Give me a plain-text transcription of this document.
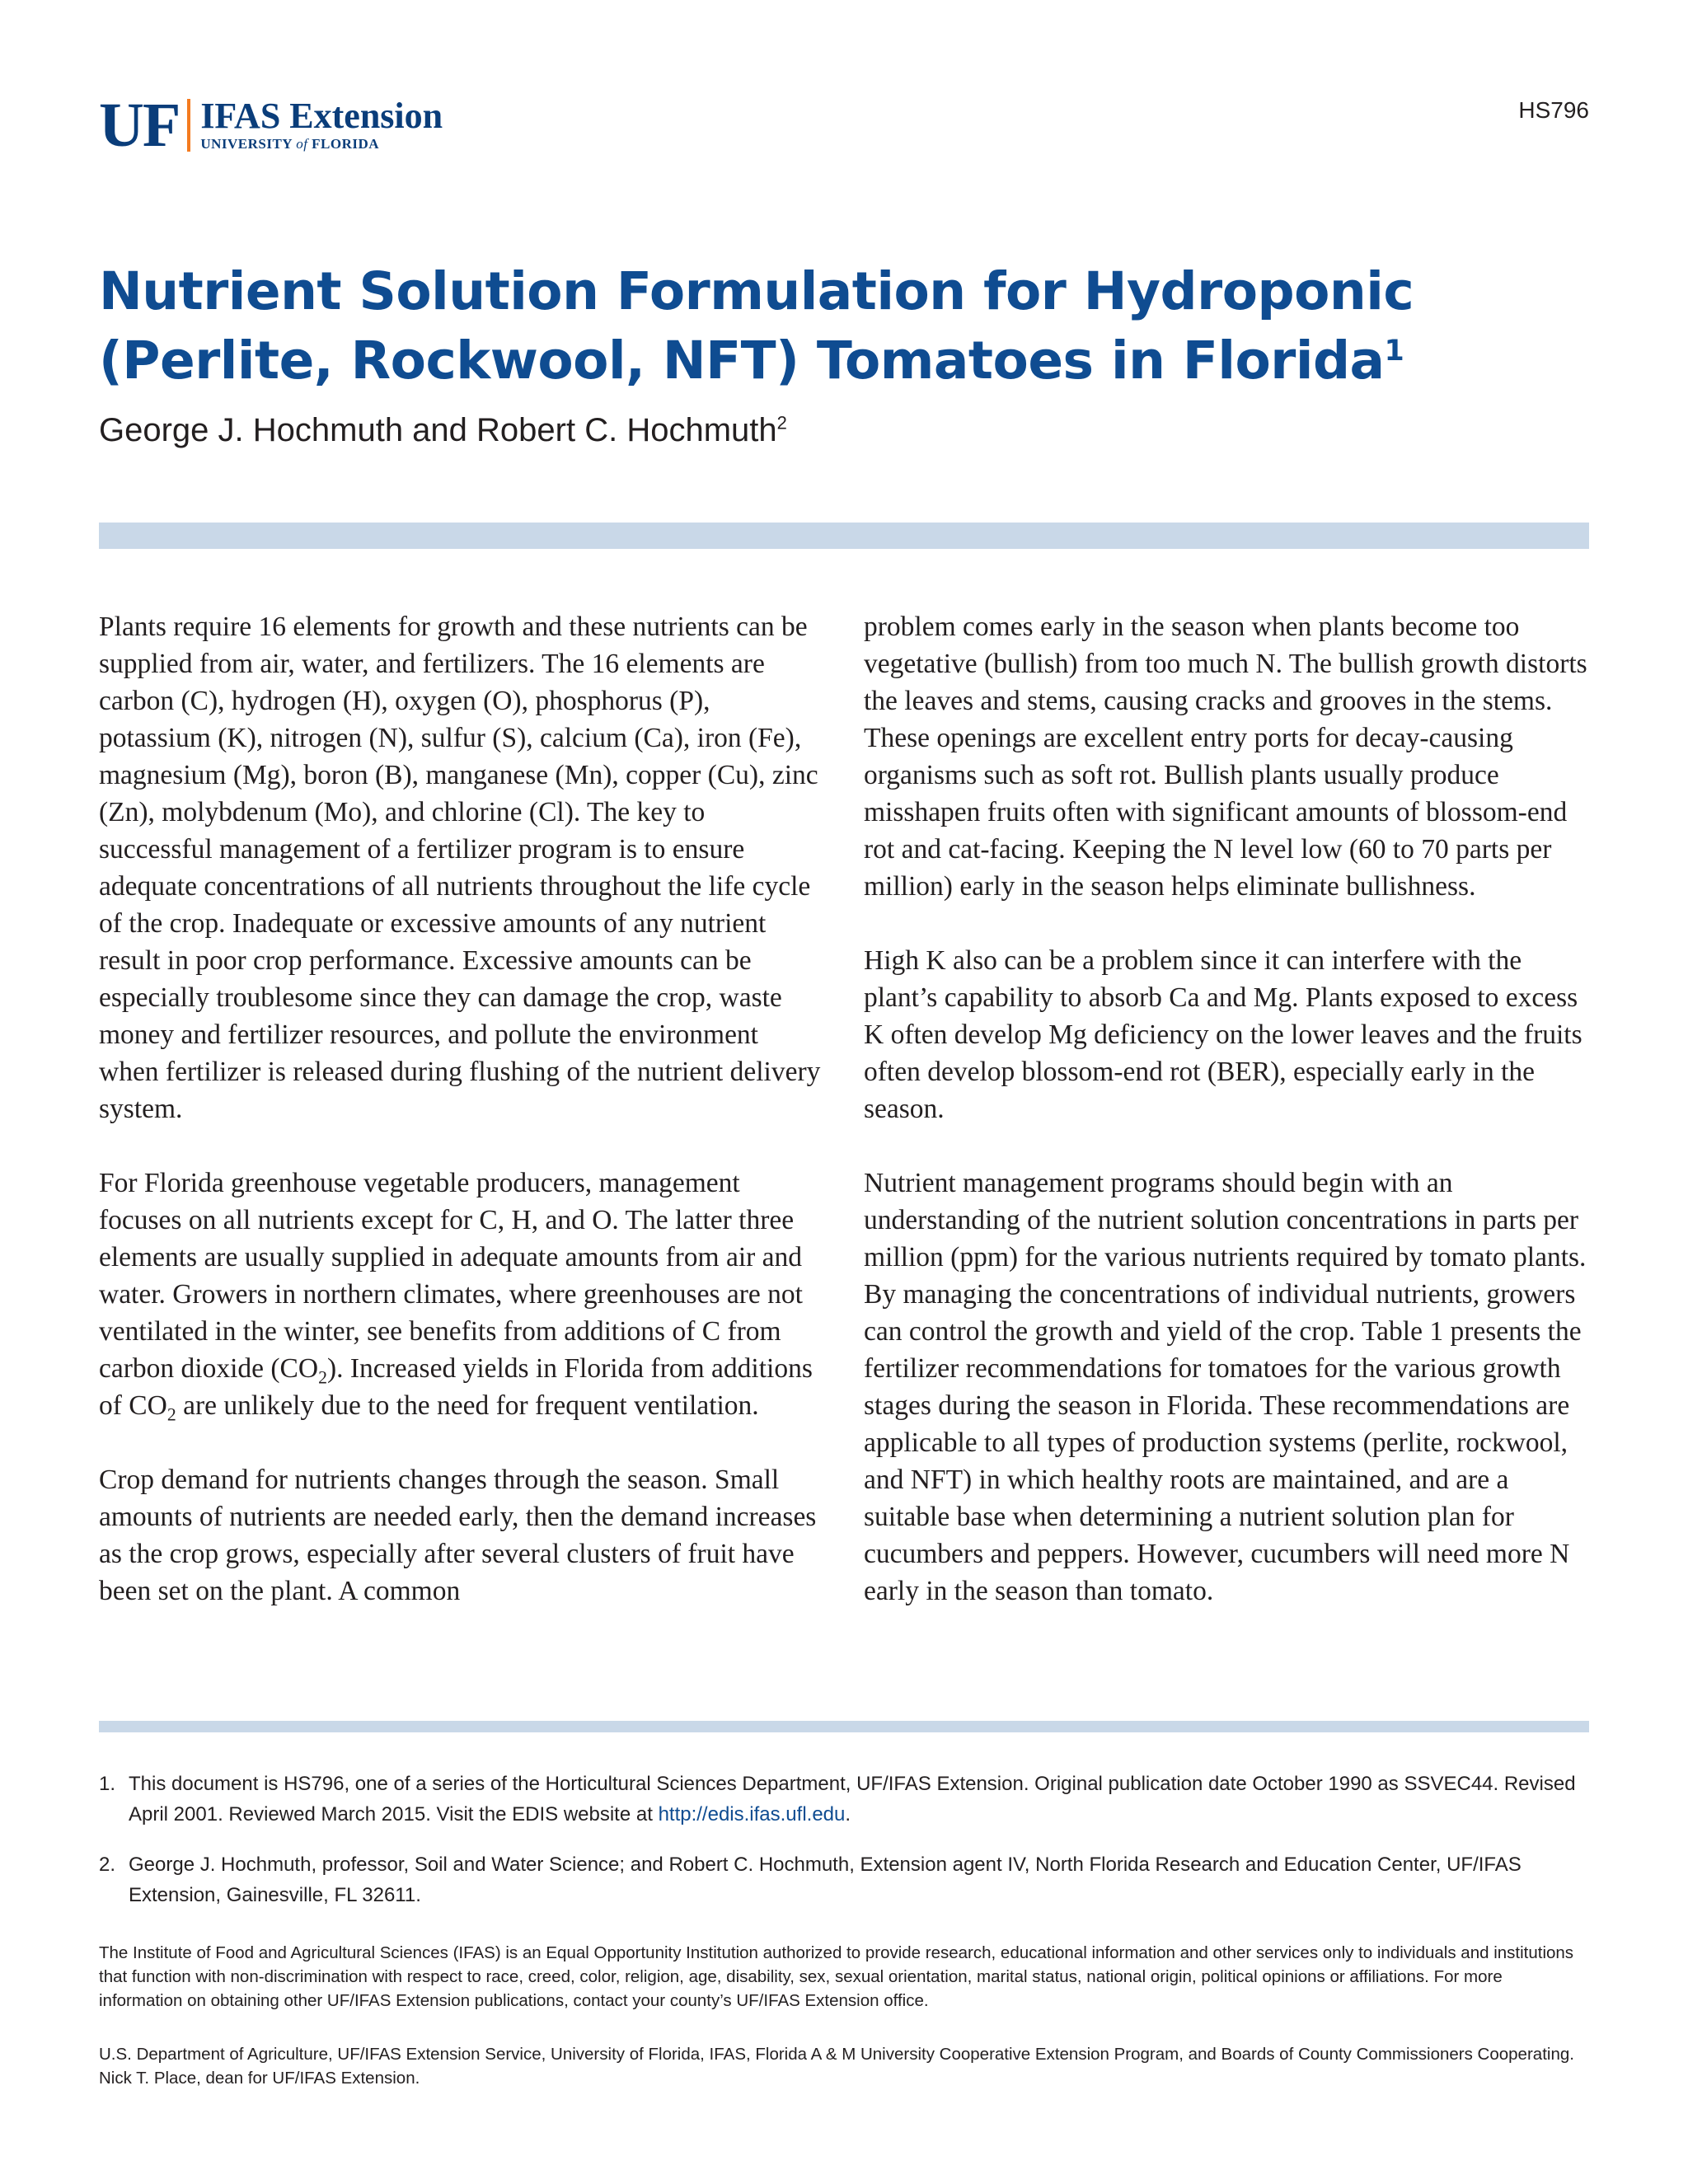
UF IFAS Extension
UNIVERSITY of FLORIDA
HS796
Nutrient Solution Formulation for Hydroponic (Perlite, Rockwool, NFT) Tomatoes in Florida$^1$

George J. Hochmuth and Robert C. Hochmuth$^2$

Plants require 16 elements for growth and these nutrients can be supplied from air, water, and fertilizers. The 16 elements are carbon (C), hydrogen (H), oxygen (O), phosphorus (P), potassium (K), nitrogen (N), sulfur (S), calcium (Ca), iron (Fe), magnesium (Mg), boron (B), manganese (Mn), copper (Cu), zinc (Zn), molybdenum (Mo), and chlorine (Cl). The key to successful management of a fertilizer program is to ensure adequate concentrations of all nutrients throughout the life cycle of the crop. Inadequate or excessive amounts of any nutrient result in poor crop performance. Excessive amounts can be especially troublesome since they can damage the crop, waste money and fertilizer resources, and pollute the environment when fertilizer is released during flushing of the nutrient delivery system.

For Florida greenhouse vegetable producers, management focuses on all nutrients except for C, H, and O. The latter three elements are usually supplied in adequate amounts from air and water. Growers in northern climates, where greenhouses are not ventilated in the winter, see benefits from additions of C from carbon dioxide $(CO_2)$. Increased yields in Florida from additions of $CO_2$ are unlikely due to the need for frequent ventilation.

Crop demand for nutrients changes through the season. Small amounts of nutrients are needed early, then the demand increases as the crop grows, especially after several clusters of fruit have been set on the plant. A common

problem comes early in the season when plants become too vegetative (bullish) from too much N. The bullish growth distorts the leaves and stems, causing cracks and grooves in the stems. These openings are excellent entry ports for decay-causing organisms such as soft rot. Bullish plants usually produce misshapen fruits often with significant amounts of blossom-end rot and cat-facing. Keeping the N level low (60 to 70 parts per million) early in the season helps eliminate bullishness.

High K also can be a problem since it can interfere with the plant’s capability to absorb Ca and Mg. Plants exposed to excess K often develop Mg deficiency on the lower leaves and the fruits often develop blossom-end rot (BER), especially early in the season.

Nutrient management programs should begin with an understanding of the nutrient solution concentrations in parts per million (ppm) for the various nutrients required by tomato plants. By managing the concentrations of individual nutrients, growers can control the growth and yield of the crop. Table 1 presents the fertilizer recommendations for tomatoes for the various growth stages during the season in Florida. These recommendations are applicable to all types of production systems (perlite, rockwool, and NFT) in which healthy roots are maintained, and are a suitable base when determining a nutrient solution plan for cucumbers and peppers. However, cucumbers will need more N early in the season than tomato.

1. This document is HS796, one of a series of the Horticultural Sciences Department, UF/IFAS Extension. Original publication date October 1990 as SSVEC44. Revised April 2001. Reviewed March 2015. Visit the EDIS website at http://edis.ifas.ufl.edu.
2. George J. Hochmuth, professor, Soil and Water Science; and Robert C. Hochmuth, Extension agent IV, North Florida Research and Education Center, UF/IFAS Extension, Gainesville, FL 32611.

The Institute of Food and Agricultural Sciences (IFAS) is an Equal Opportunity Institution authorized to provide research, educational information and other services only to individuals and institutions that function with non-discrimination with respect to race, creed, color, religion, age, disability, sex, sexual orientation, marital status, national origin, political opinions or affiliations. For more information on obtaining other UF/IFAS Extension publications, contact your county’s UF/IFAS Extension office.

U.S. Department of Agriculture, UF/IFAS Extension Service, University of Florida, IFAS, Florida A & M University Cooperative Extension Program, and Boards of County Commissioners Cooperating. Nick T. Place, dean for UF/IFAS Extension.
